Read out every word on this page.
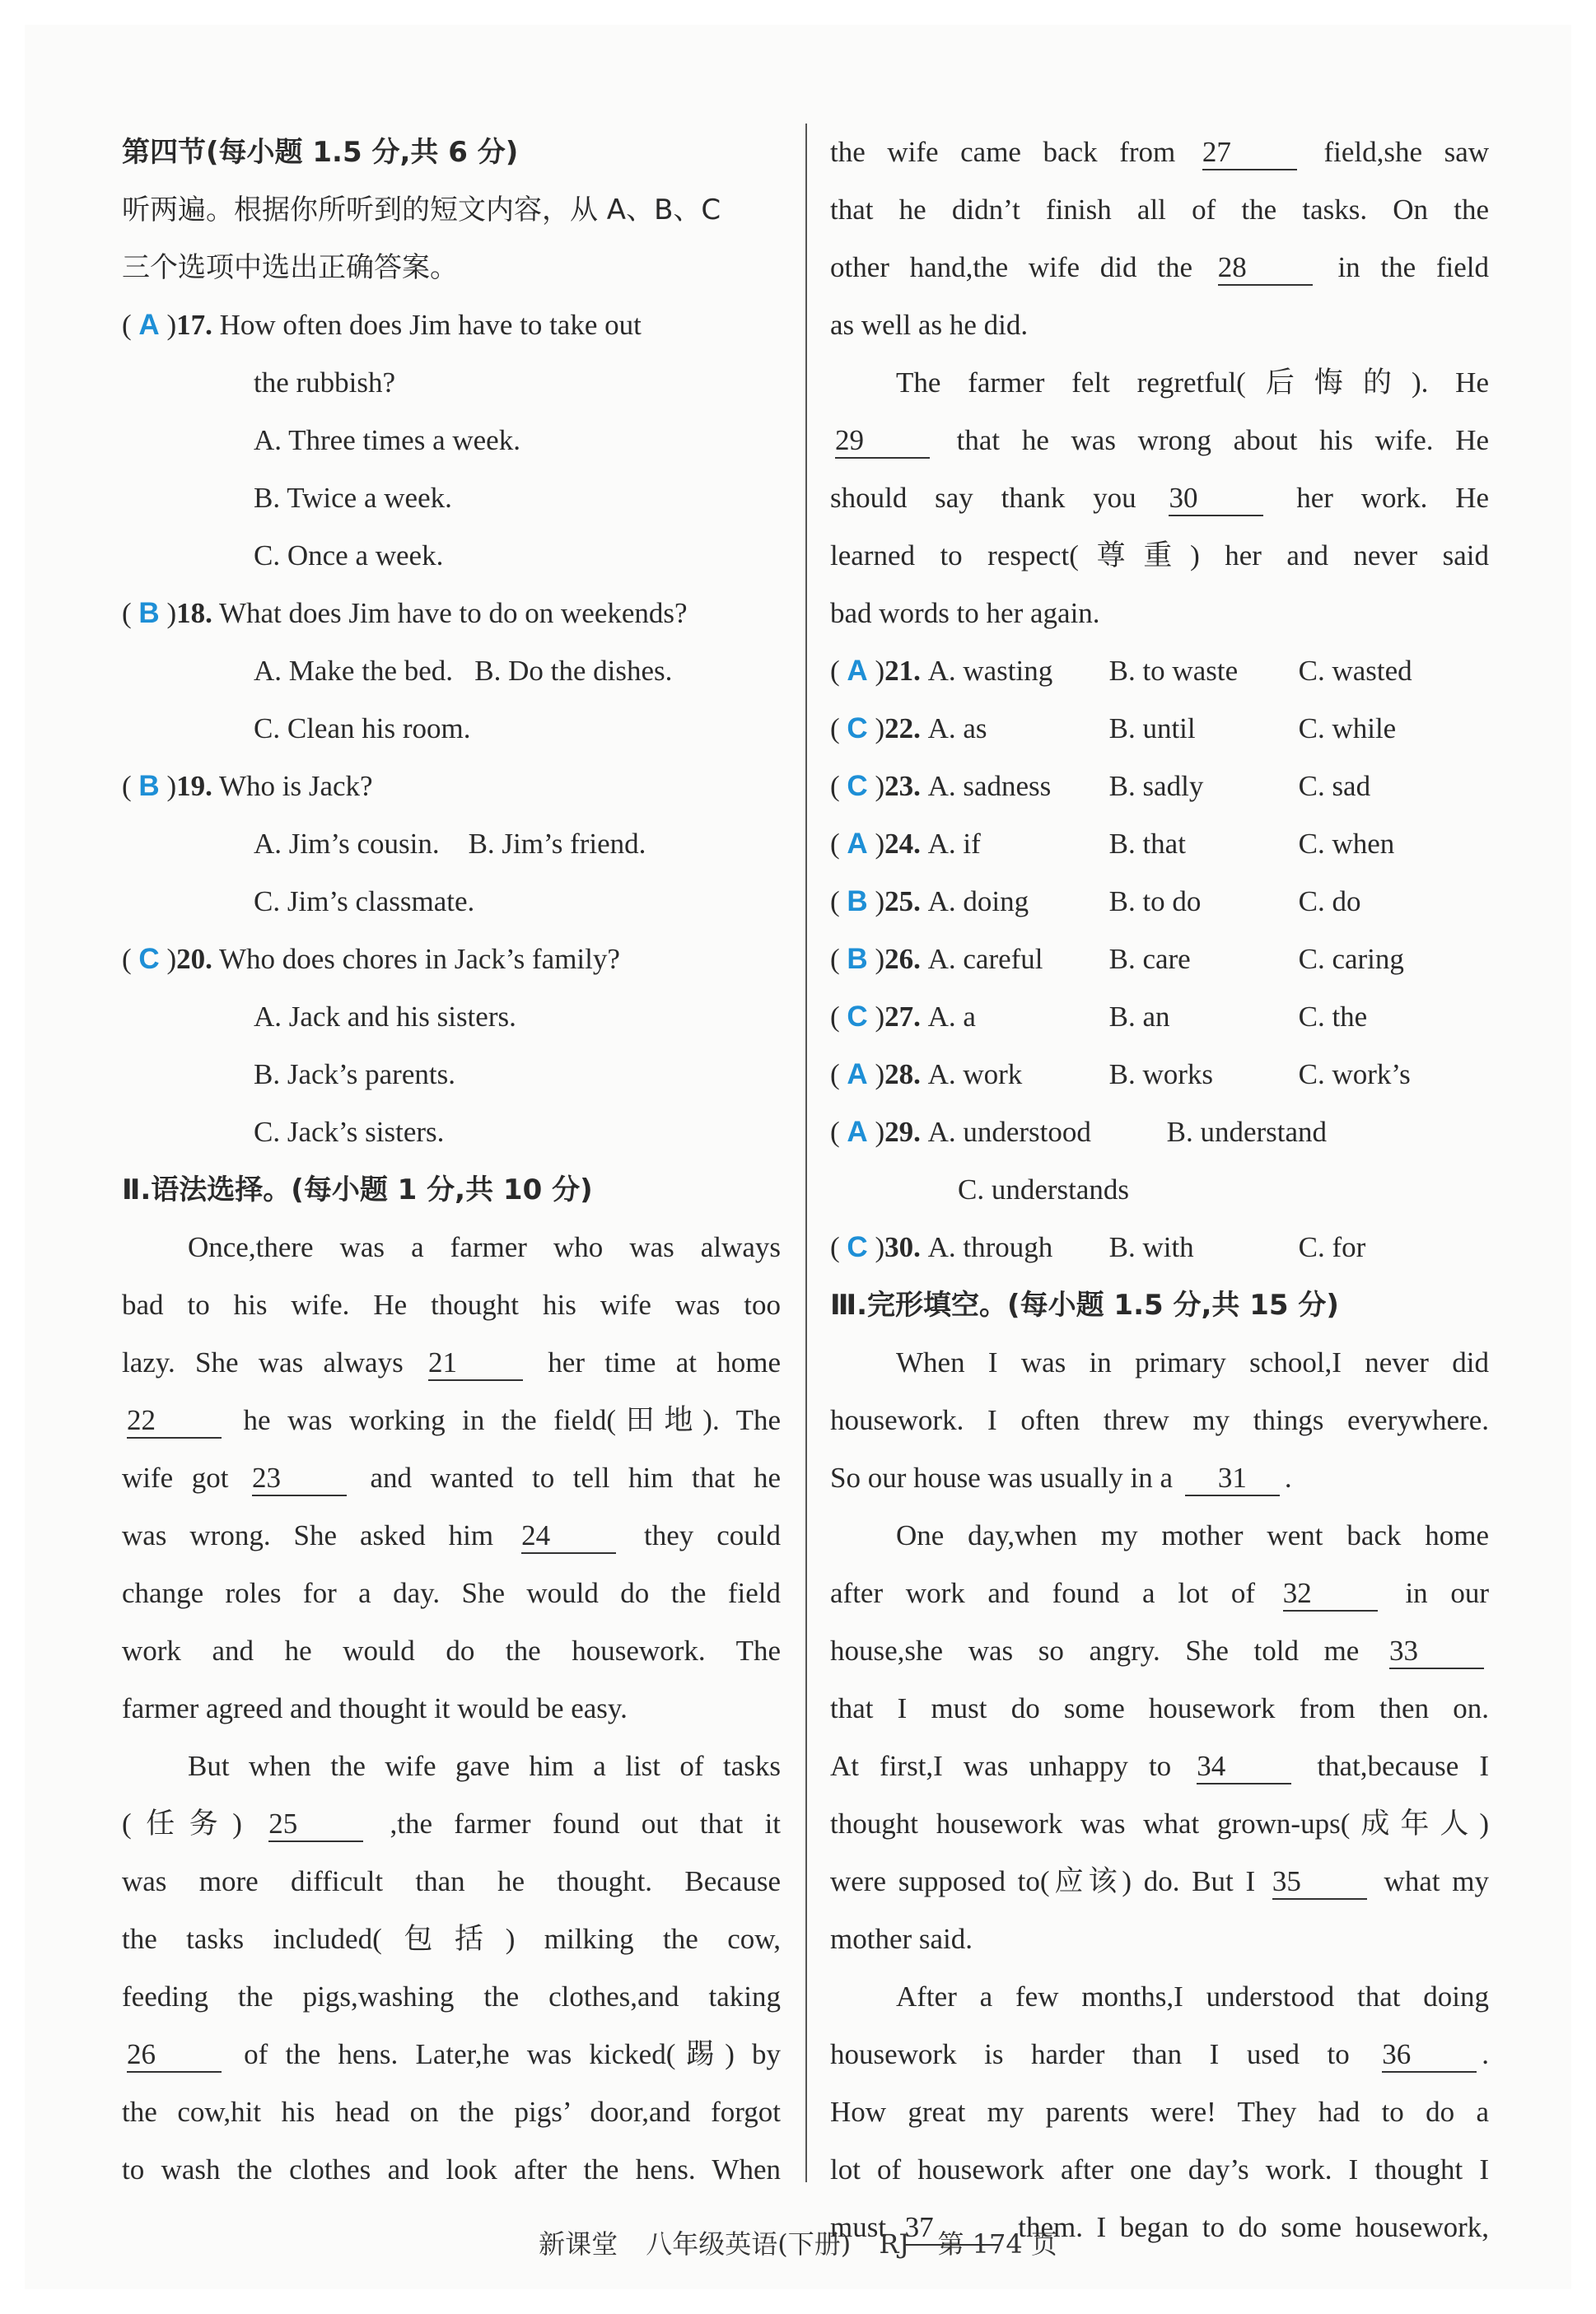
第四节(每小题 1.5 分,共 6 分)
听两遍。根据你所听到的短文内容，从 A、B、C
三个选项中选出正确答案。
( A )17. How often does Jim have to take out
the rubbish?
A. Three times a week.
B. Twice a week.
C. Once a week.
( B )18. What does Jim have to do on weekends?
A. Make the bed.   B. Do the dishes.
C. Clean his room.
( B )19. Who is Jack?
A. Jim’s cousin.    B. Jim’s friend.
C. Jim’s classmate.
( C )20. Who does chores in Jack’s family?
A. Jack and his sisters.
B. Jack’s parents.
C. Jack’s sisters.
Ⅱ.语法选择。(每小题 1 分,共 10 分)
Once,there was a farmer who was always
bad to his wife. He thought his wife was too
lazy. She was always 21	her time at home
22	he was working in the field(田地). The
wife got 23	and wanted to tell him that he
was wrong. She asked him 24	they could
change roles for a day. She would do the field
work and he would do the housework. The
farmer agreed and thought it would be easy.
But when the wife gave him a list of tasks
(任务) 25	,the farmer found out that it
was more difficult than he thought. Because
the tasks included(包括) milking the cow,
feeding the pigs,washing the clothes,and taking
26	of the hens. Later,he was kicked(踢) by
the cow,hit his head on the pigs’ door,and forgot
to wash the clothes and look after the hens. When
the wife came back from 27	field,she saw
that he didn’t finish all of the tasks. On the
other hand,the wife did the 28	in the field
as well as he did.
The farmer felt regretful(后悔的). He
29	that he was wrong about his wife. He
should say thank you 30	her work. He
learned to respect(尊重) her and never said
bad words to her again.
( A )21. A. wasting B. to waste C. wasted
( C )22. A. as	B. until	C. while
( C )23. A. sadness B. sadly	C. sad
( A )24. A. if	B. that	C. when
( B )25. A. doing	B. to do	C. do
( B )26. A. careful B. care	C. caring
( C )27. A. a	B. an	C. the
( A )28. A. work	B. works	C. work’s
( A )29. A. understood	B. understand
C. understands
( C )30. A. through B. with	C. for
Ⅲ.完形填空。(每小题 1.5 分,共 15 分)
When I was in primary school,I never did
housework. I often threw my things everywhere.
So our house was usually in a 31 .
One day,when my mother went back home
after work and found a lot of 32	in our
house,she was so angry. She told me 33
that I must do some housework from then on.
At first,I was unhappy to 34	that,because I
thought housework was what grown-ups(成年人)
were supposed to(应该) do. But I 35	what my
mother said.
After a few months,I understood that doing
housework is harder than I used to 36 .
How great my parents were! They had to do a
lot of housework after one day’s work. I thought I
must 37	them. I began to do some housework,
新课堂 八年级英语(下册) RJ 第 174 页
